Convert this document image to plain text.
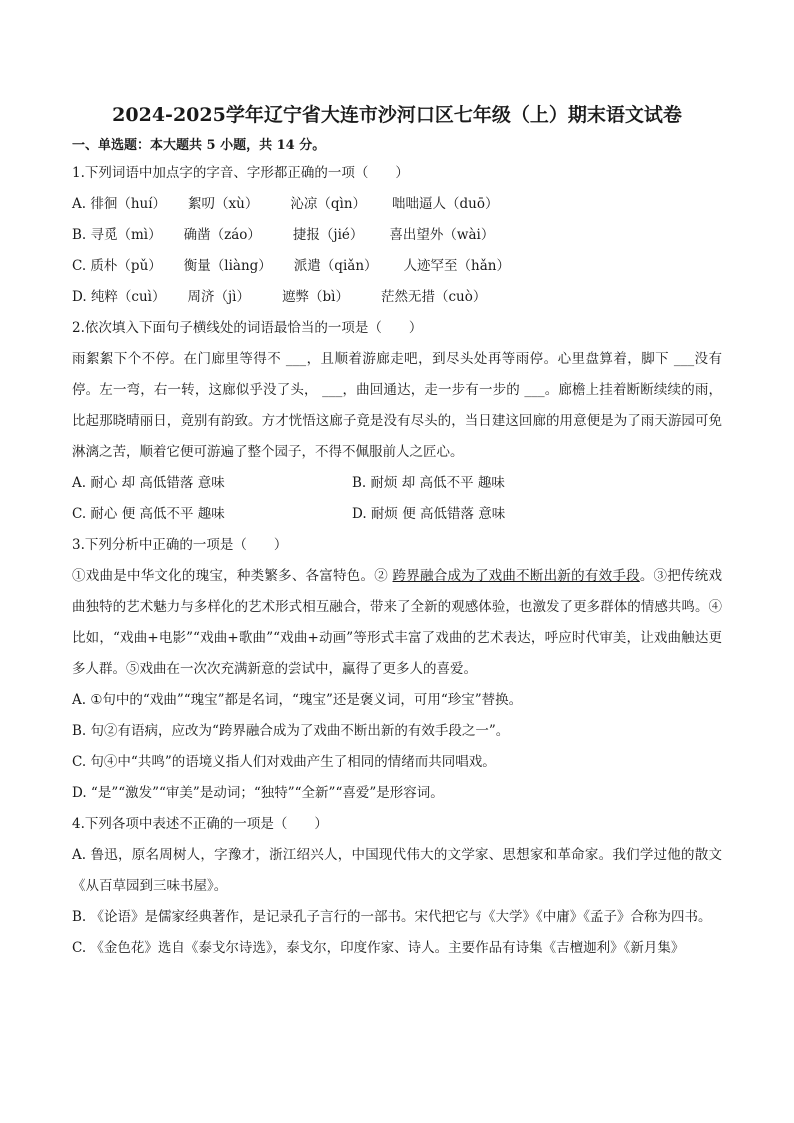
2024-2025学年辽宁省大连市沙河口区七年级（上）期末语文试卷
一、单选题：本大题共 5 小题，共 14 分。
1.下列词语中加点字的字音、字形都正确的一项（　　）
A. 徘徊（huí） 絮叨（xù） 沁凉（qìn） 咄咄逼人（duō）
B. 寻觅（mì） 确凿（záo） 捷报（jié） 喜出望外（wài）
C. 质朴（pǔ） 衡量（liàng） 派遣（qiǎn） 人迹罕至（hǎn）
D. 纯粹（cuì） 周济（jì） 遮弊（bì） 茫然无措（cuò）
2.依次填入下面句子横线处的词语最恰当的一项是（　　）
雨絮絮下个不停。在门廊里等得不 ___，且顺着游廊走吧，到尽头处再等雨停。心里盘算着，脚下 ___没有停。左一弯，右一转，这廊似乎没了头， ___，曲回通达，走一步有一步的 ___。廊檐上挂着断断续续的雨，比起那晓晴丽日，竟别有韵致。方才恍悟这廊子竟是没有尽头的，当日建这回廊的用意便是为了雨天游园可免淋漓之苦，顺着它便可游遍了整个园子，不得不佩服前人之匠心。
A. 耐心 却 高低错落 意味	B. 耐烦 却 高低不平 趣味
C. 耐心 便 高低不平 趣味	D. 耐烦 便 高低错落 意味
3.下列分析中正确的一项是（　　）
①戏曲是中华文化的瑰宝，种类繁多、各富特色。② 跨界融合成为了戏曲不断出新的有效手段。③把传统戏曲独特的艺术魅力与多样化的艺术形式相互融合，带来了全新的观感体验，也激发了更多群体的情感共鸣。④比如，“戏曲+电影”“戏曲+歌曲”“戏曲+动画”等形式丰富了戏曲的艺术表达，呼应时代审美，让戏曲触达更多人群。⑤戏曲在一次次充满新意的尝试中，赢得了更多人的喜爱。
A. ①句中的“戏曲”“瑰宝”都是名词，“瑰宝”还是褒义词，可用“珍宝”替换。
B. 句②有语病，应改为“跨界融合成为了戏曲不断出新的有效手段之一”。
C. 句④中“共鸣”的语境义指人们对戏曲产生了相同的情绪而共同唱戏。
D. “是”“激发”“审美”是动词；“独特”“全新”“喜爱”是形容词。
4.下列各项中表述不正确的一项是（　　）
A. 鲁迅，原名周树人，字豫才，浙江绍兴人，中国现代伟大的文学家、思想家和革命家。我们学过他的散文《从百草园到三味书屋》。
B. 《论语》是儒家经典著作，是记录孔子言行的一部书。宋代把它与《大学》《中庸》《孟子》合称为四书。
C. 《金色花》选自《泰戈尔诗选》，泰戈尔，印度作家、诗人。主要作品有诗集《吉檀迦利》《新月集》
